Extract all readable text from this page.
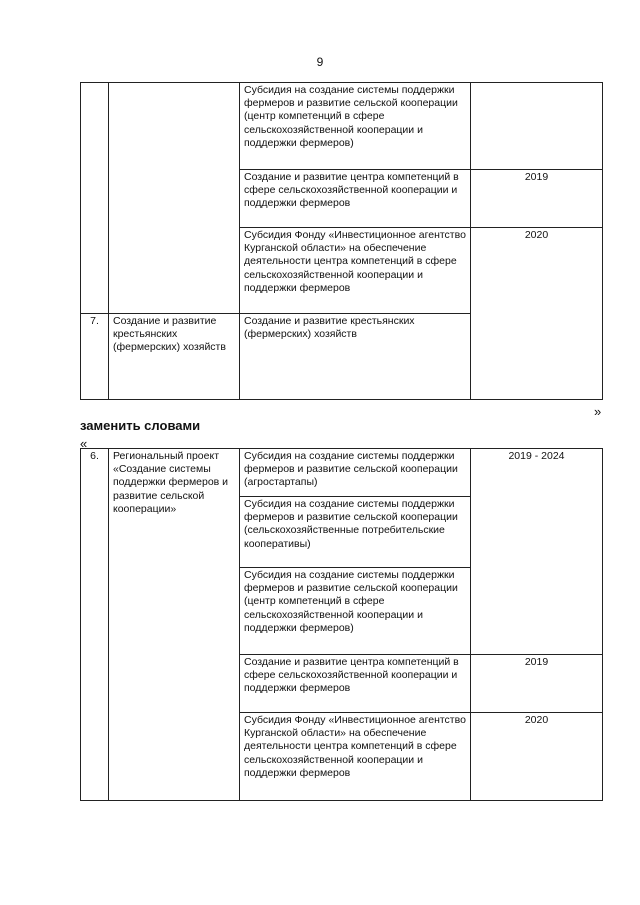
9
		Субсидия на создание системы поддержки фермеров и развитие сельской кооперации (центр компетенций в сфере сельскохозяйственной кооперации и поддержки фермеров)	
		Создание и развитие центра компетенций в сфере сельскохозяйственной кооперации и поддержки фермеров	2019
		Субсидия Фонду «Инвестиционное агентство Курганской области» на обеспечение деятельности центра компетенций в сфере сельскохозяйственной кооперации и поддержки фермеров	2020
7.	Создание и развитие крестьянских (фермерских) хозяйств	Создание и развитие крестьянских (фермерских) хозяйств	
»
заменить словами
«
6.	Региональный проект «Создание системы поддержки фермеров и развитие сельской кооперации»	Субсидия на создание системы поддержки фермеров и развитие сельской кооперации (агростартапы)	2019 - 2024
		Субсидия на создание системы поддержки фермеров и развитие сельской кооперации (сельскохозяйственные потребительские кооперативы)	
		Субсидия на создание системы поддержки фермеров и развитие сельской кооперации (центр компетенций в сфере сельскохозяйственной кооперации и поддержки фермеров)	
		Создание и развитие центра компетенций в сфере сельскохозяйственной кооперации и поддержки фермеров	2019
		Субсидия Фонду «Инвестиционное агентство Курганской области» на обеспечение деятельности центра компетенций в сфере сельскохозяйственной кооперации и поддержки фермеров	2020
